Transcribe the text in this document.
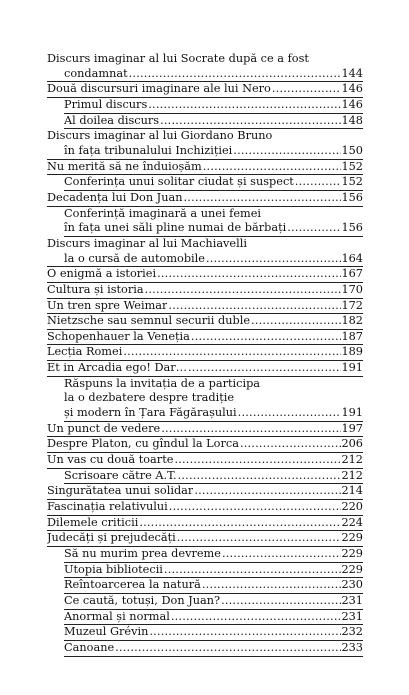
Discurs imaginar al lui Socrate după ce a fost
condamnat .....	144
Două discursuri imaginare ale lui Nero .....	146
Primul discurs .....	146
Al doilea discurs .....	148
Discurs imaginar al lui Giordano Bruno
în fața tribunalului Inchiziției .....	150
Nu merită să ne înduioșăm .....	152
Conferința unui solitar ciudat și suspect .....	152
Decadența lui Don Juan .....	156
Conferință imaginară a unei femei
în fața unei săli pline numai de bărbați .....	156
Discurs imaginar al lui Machiavelli
la o cursă de automobile .....	164
O enigmă a istoriei .....	167
Cultura și istoria .....	170
Un tren spre Weimar .....	172
Nietzsche sau semnul securii duble .....	182
Schopenhauer la Veneția .....	187
Lecția Romei .....	189
Et in Arcadia ego! Dar… .....	191
Răspuns la invitația de a participa
la o dezbatere despre tradiție
și modern în Țara Făgărașului .....	191
Un punct de vedere .....	197
Despre Platon, cu gîndul la Lorca .....	206
Un vas cu două toarte .....	212
Scrisoare către A.T. .....	212
Singurătatea unui solidar .....	214
Fascinația relativului .....	220
Dilemele criticii .....	224
Judecăți și prejudecăți .....	229
Să nu murim prea devreme .....	229
Utopia bibliotecii .....	229
Reîntoarcerea la natură .....	230
Ce caută, totuși, Don Juan? .....	231
Anormal și normal .....	231
Muzeul Grévin .....	232
Canoane .....	233
